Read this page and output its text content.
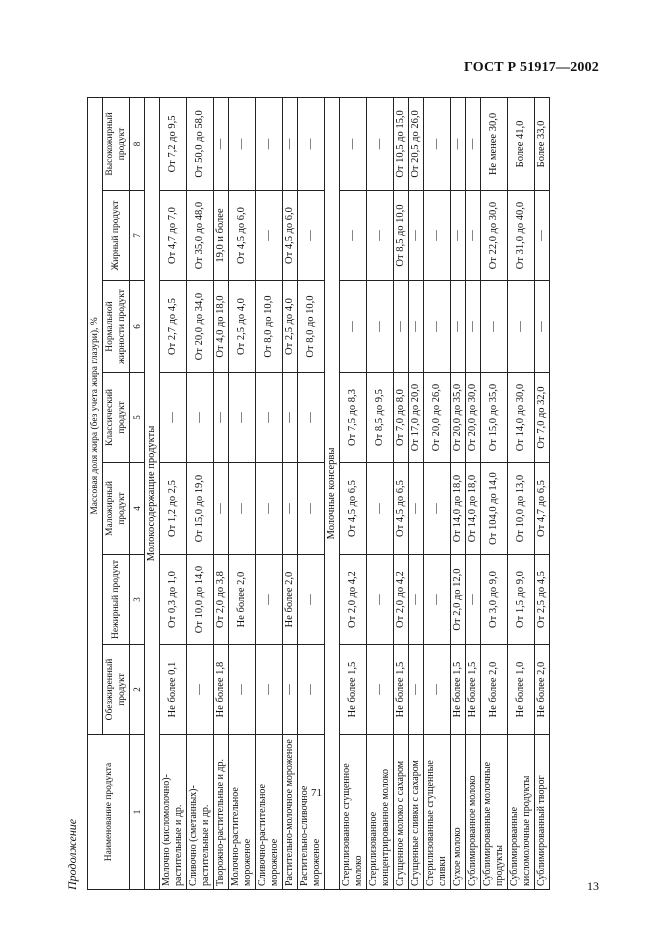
ГОСТ Р 51917—2002
Продолжение	Наименование продукта	Массовая доля жира (без учета жира глазури), %						
	Обезжиренный продукт	Нежирный продукт	Маложирный продукт	Классический продукт	Нормальной жирности продукт	Жирный продукт	Высокожирный продукт
1	2	3	4	5	6	7	8
Молокосодержащие продукты							
Молочно (кисломолочно)-растительные и др.	Не более 0,1	От 0,3 до 1,0	От 1,2 до 2,5	—	От 2,7 до 4,5	От 4,7 до 7,0	От 7,2 до 9,5
Сливочно (сметанных)-растительные и др.	—	От 10,0 до 14,0	От 15,0 до 19,0	—	От 20,0 до 34,0	От 35,0 до 48,0	От 50,0 до 58,0
Творожно-растительные и др.	Не более 1,8	От 2,0 до 3,8	—	—	От 4,0 до 18,0	19,0 и более	—
Молочно-растительное мороженое	—	Не более 2,0	—	—	От 2,5 до 4,0	От 4,5 до 6,0	—
Сливочно-растительное мороженое	—	—	—	—	От 8,0 до 10,0	—	—
Растительно-молочное мороженое	—	Не более 2,0	—	—	От 2,5 до 4,0	От 4,5 до 6,0	—
Растительно-сливочное мороженое	—	—	—	—	От 8,0 до 10,0	—	—
Молочные консервы							
Стерилизованное сгущенное молоко	Не более 1,5	От 2,0 до 4,2	От 4,5 до 6,5	От 7,5 до 8,3	—	—	—
Стерилизованное концентрированное молоко	—	—	—	От 8,5 до 9,5	—	—	—
Сгущенное молоко с сахаром	Не более 1,5	От 2,0 до 4,2	От 4,5 до 6,5	От 7,0 до 8,0	—	От 8,5 до 10,0	От 10,5 до 15,0
Сгущенные сливки с сахаром	—	—	—	От 17,0 до 20,0	—	—	От 20,5 до 26,0
Стерилизованные сгущенные сливки	—	—	—	От 20,0 до 26,0	—	—	—
Сухое молоко	Не более 1,5	От 2,0 до 12,0	От 14,0 до 18,0	От 20,0 до 35,0	—	—	—
Сублимированное молоко	Не более 1,5	—	От 14,0 до 18,0	От 20,0 до 30,0	—	—	—
Сублимированные молочные продукты	Не более 2,0	От 3,0 до 9,0	От 104,0 до 14,0	От 15,0 до 35,0	—	От 22,0 до 30,0	Не менее 30,0
Сублимированные кисломолочные продукты	Не более 1,0	От 1,5 до 9,0	От 10,0 до 13,0	От 14,0 до 30,0	—	От 31,0 до 40,0	Более 41,0
Сублимированный творог	Не более 2,0	От 2,5 до 4,5	От 4,7 до 6,5	От 7,0 до 32,0	—	—	Более 33,0
71
13
